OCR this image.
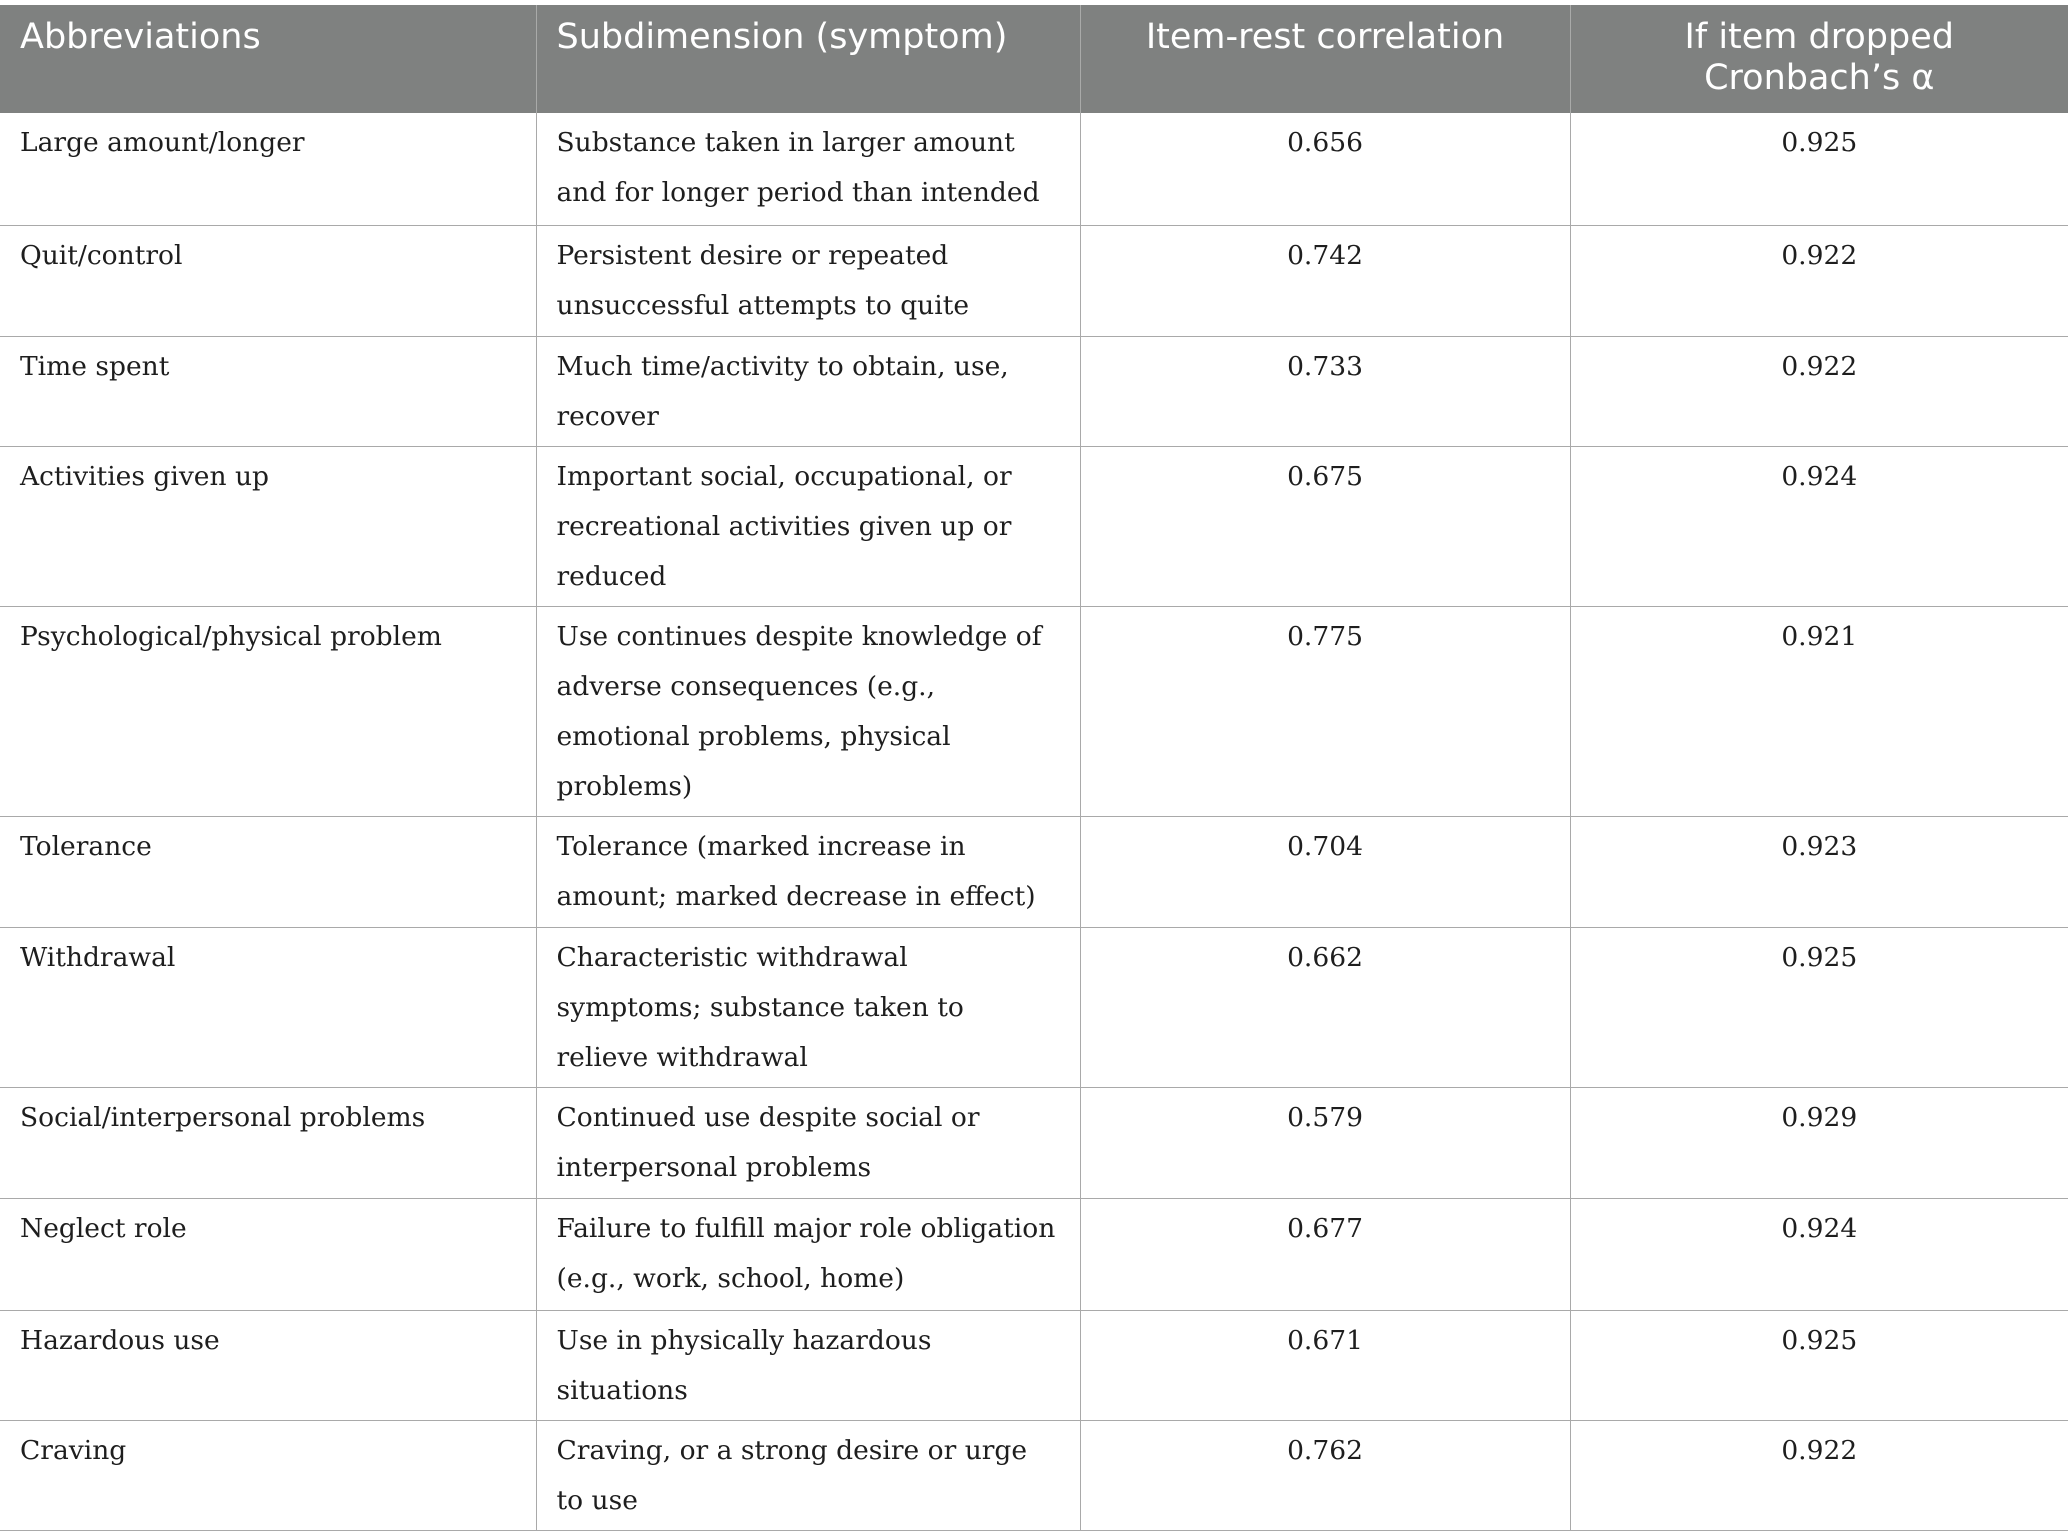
Abbreviations	Subdimension (symptom)	Item-rest correlation	If item dropped Cronbach’s α
Large amount/longer	Substance taken in larger amount and for longer period than intended	0.656	0.925
Quit/control	Persistent desire or repeated unsuccessful attempts to quite	0.742	0.922
Time spent	Much time/activity to obtain, use, recover	0.733	0.922
Activities given up	Important social, occupational, or recreational activities given up or reduced	0.675	0.924
Psychological/physical problem	Use continues despite knowledge of adverse consequences (e.g., emotional problems, physical problems)	0.775	0.921
Tolerance	Tolerance (marked increase in amount; marked decrease in effect)	0.704	0.923
Withdrawal	Characteristic withdrawal symptoms; substance taken to relieve withdrawal	0.662	0.925
Social/interpersonal problems	Continued use despite social or interpersonal problems	0.579	0.929
Neglect role	Failure to fulfill major role obligation (e.g., work, school, home)	0.677	0.924
Hazardous use	Use in physically hazardous situations	0.671	0.925
Craving	Craving, or a strong desire or urge to use	0.762	0.922
